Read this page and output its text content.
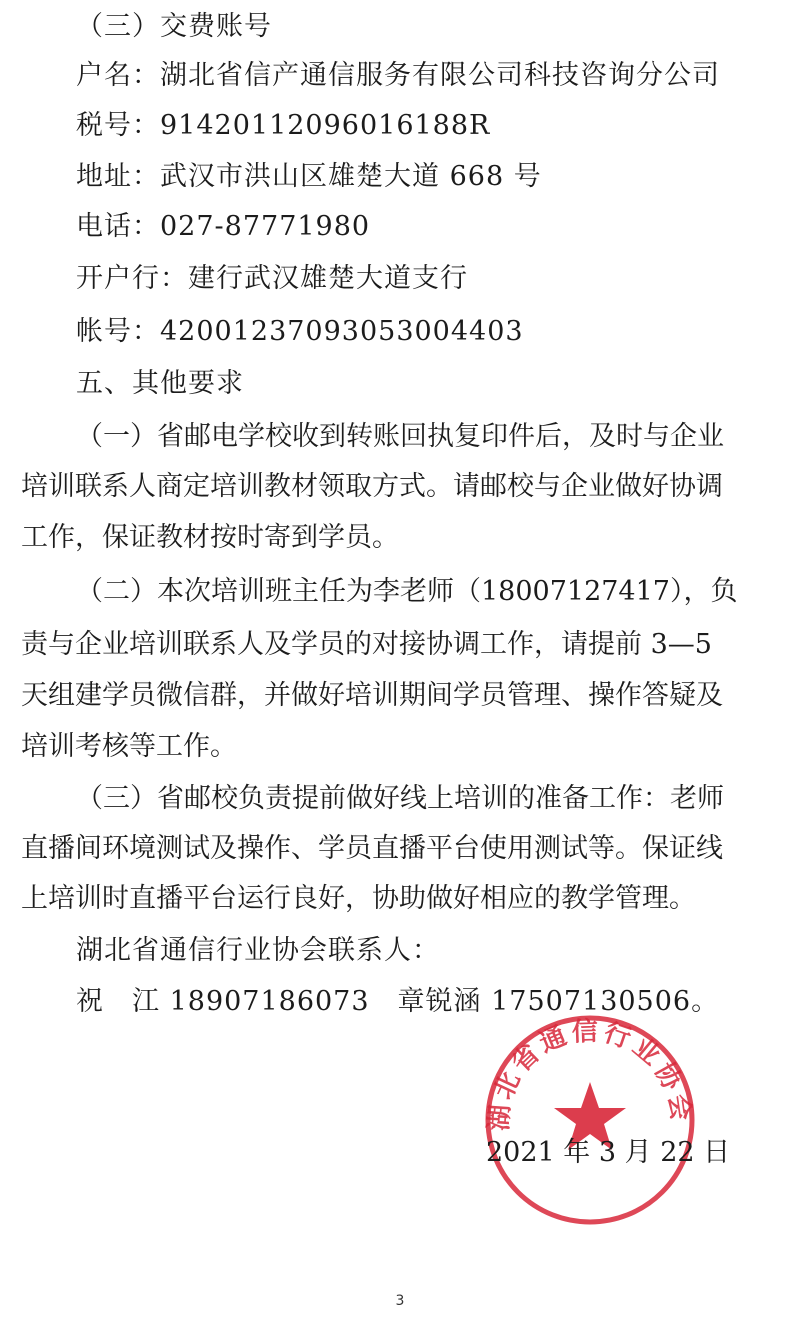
（三）交费账号
户名：湖北省信产通信服务有限公司科技咨询分公司
税号：91420112096016188R
地址：武汉市洪山区雄楚大道 668 号
电话：027-87771980
开户行：建行武汉雄楚大道支行
帐号：42001237093053004403
五、其他要求
（一）省邮电学校收到转账回执复印件后，及时与企业
培训联系人商定培训教材领取方式。请邮校与企业做好协调
工作，保证教材按时寄到学员。
（二）本次培训班主任为李老师（18007127417），负
责与企业培训联系人及学员的对接协调工作，请提前 3—5
天组建学员微信群，并做好培训期间学员管理、操作答疑及
培训考核等工作。
（三）省邮校负责提前做好线上培训的准备工作：老师
直播间环境测试及操作、学员直播平台使用测试等。保证线
上培训时直播平台运行良好，协助做好相应的教学管理。
湖北省通信行业协会联系人：
祝　江 18907186073　章锐涵 17507130506。
湖北省通信行业协会
2021 年 3 月 22 日
3
